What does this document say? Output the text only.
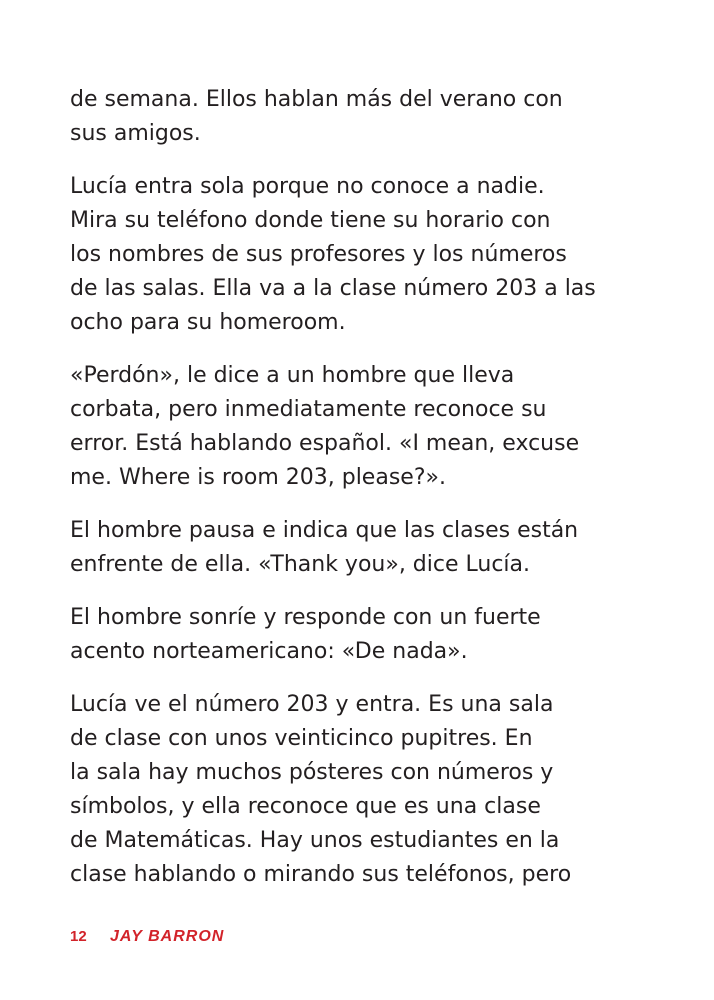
de semana. Ellos hablan más del verano con
sus amigos.

Lucía entra sola porque no conoce a nadie.
Mira su teléfono donde tiene su horario con
los nombres de sus profesores y los números
de las salas. Ella va a la clase número 203 a las
ocho para su homeroom.

«Perdón», le dice a un hombre que lleva
corbata, pero inmediatamente reconoce su
error. Está hablando español. «I mean, excuse
me. Where is room 203, please?».

El hombre pausa e indica que las clases están
enfrente de ella. «Thank you», dice Lucía.

El hombre sonríe y responde con un fuerte
acento norteamericano: «De nada».

Lucía ve el número 203 y entra. Es una sala
de clase con unos veinticinco pupitres. En
la sala hay muchos pósteres con números y
símbolos, y ella reconoce que es una clase
de Matemáticas. Hay unos estudiantes en la
clase hablando o mirando sus teléfonos, pero

12	JAY BARRON
